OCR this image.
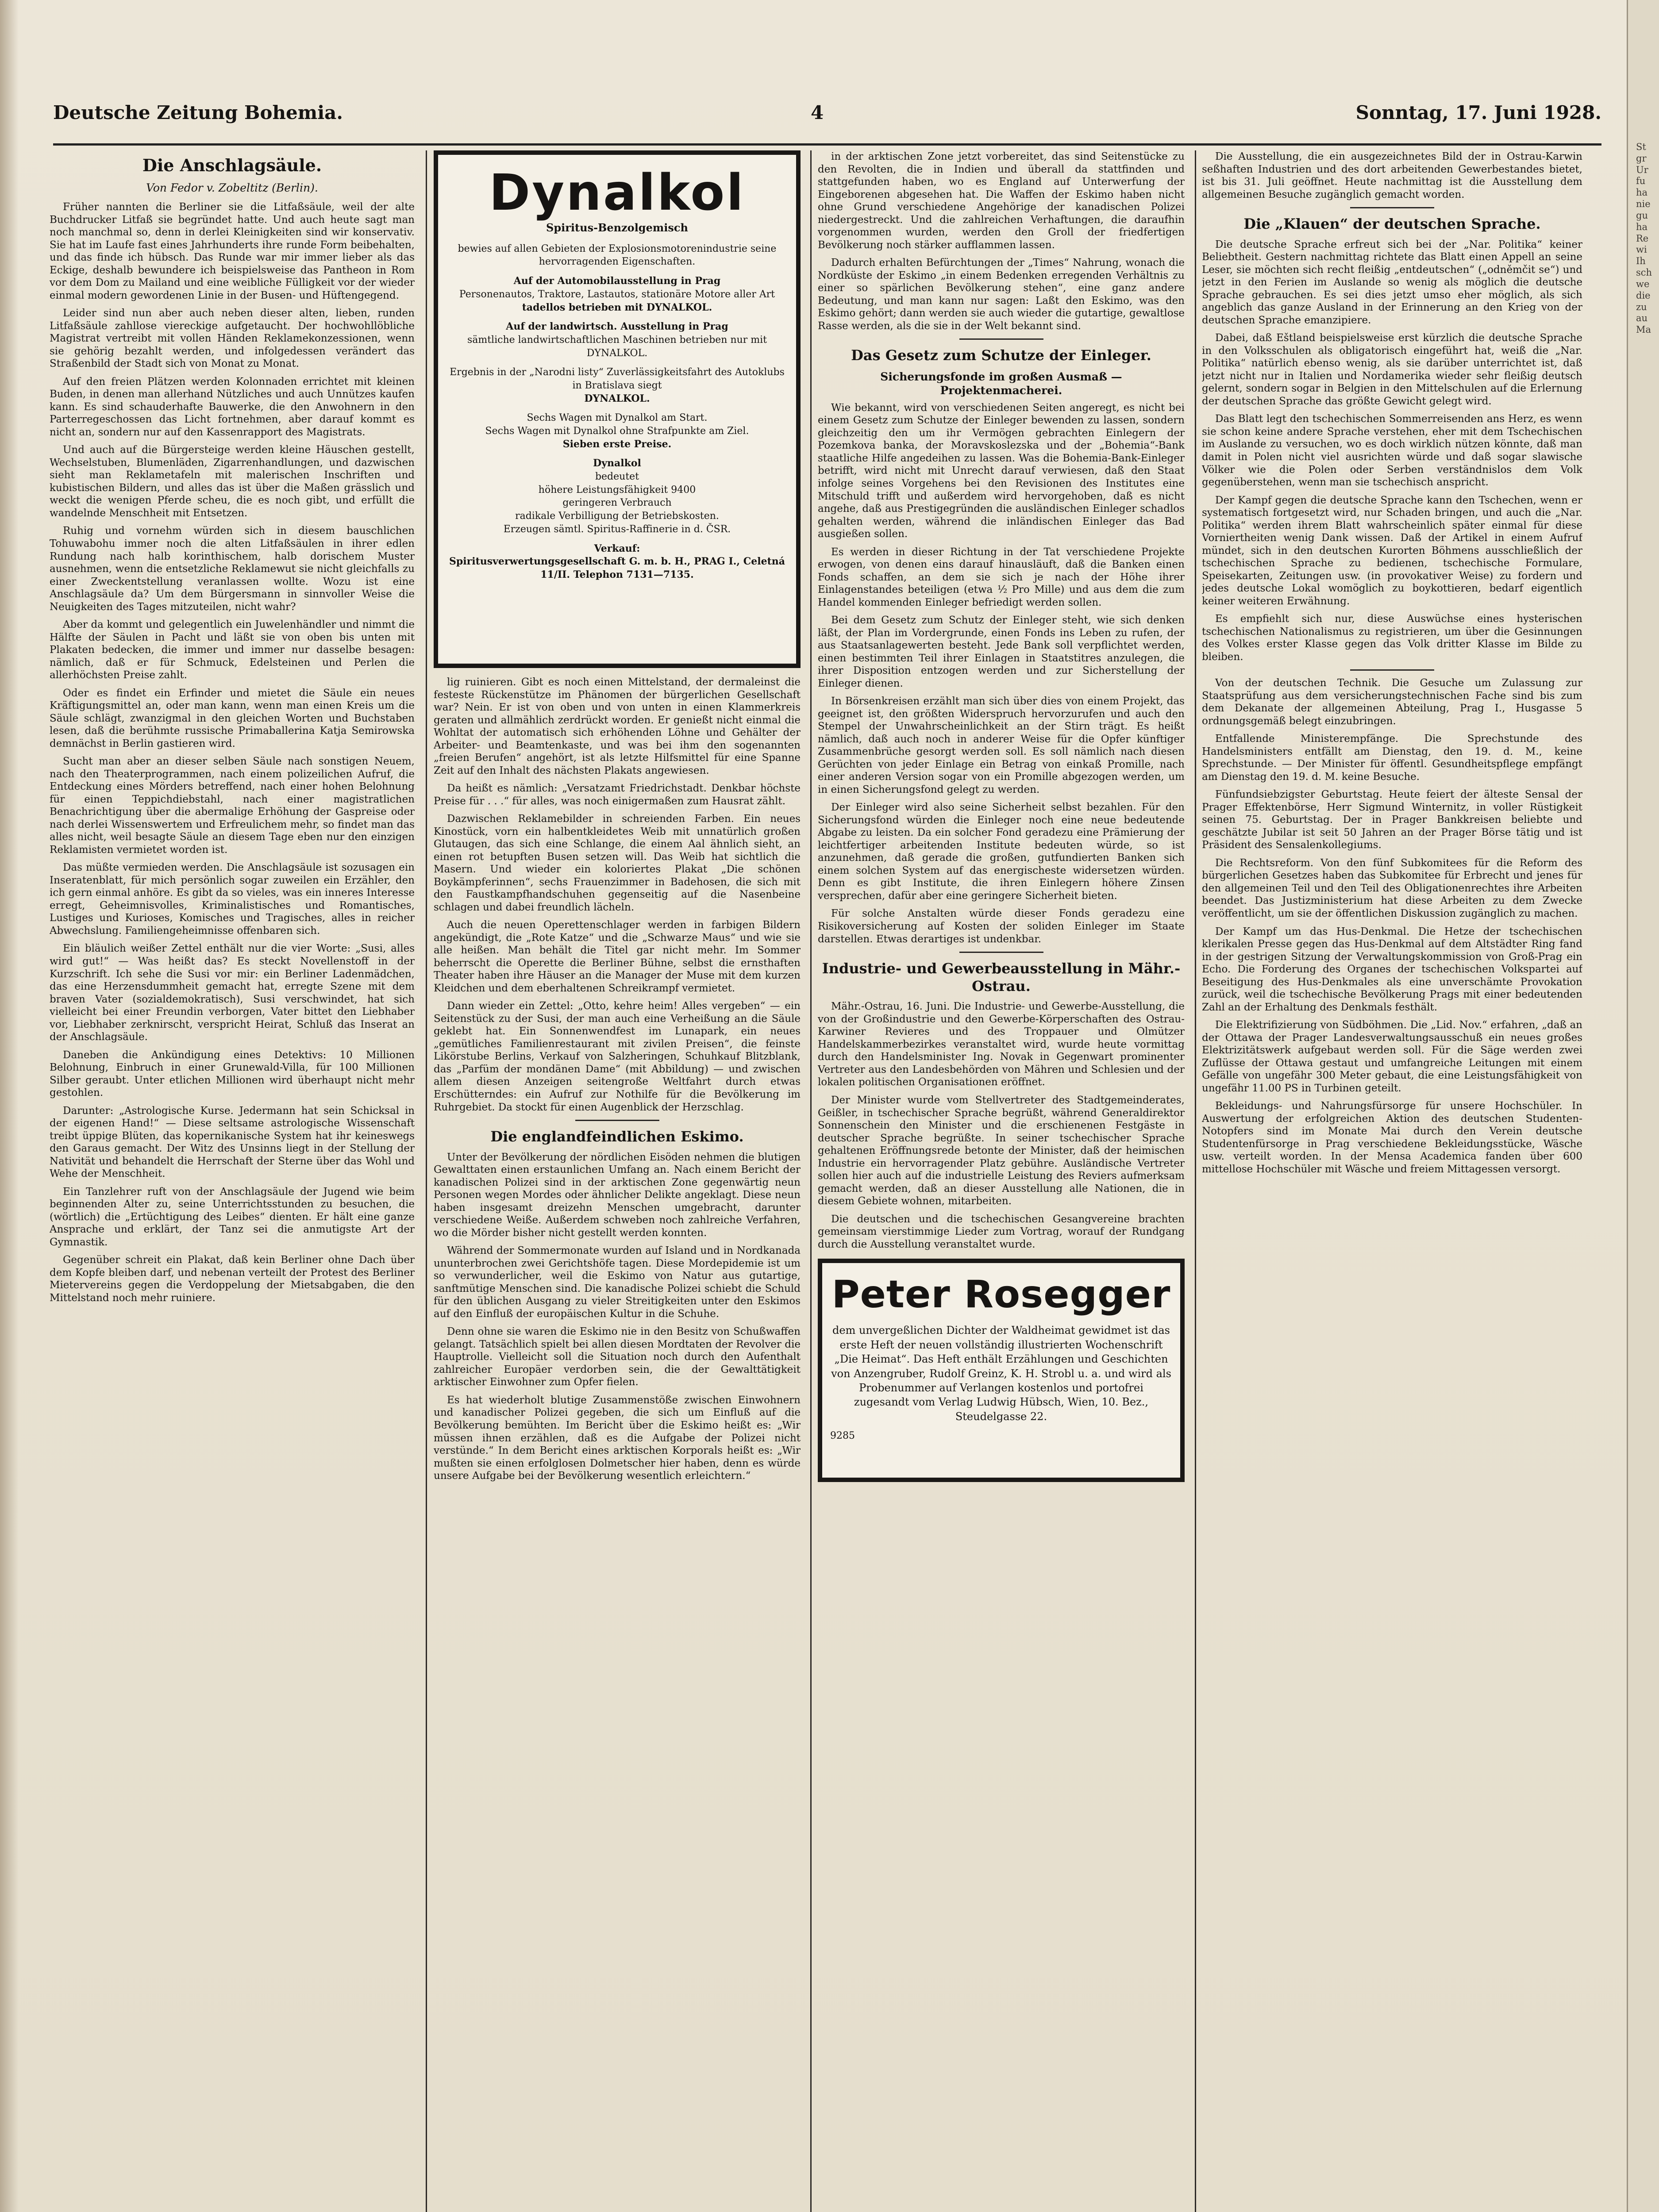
St
gr
Ur
fu
ha
nie
gu
ha
Re
wi
Ih
sch
we
die
zu
au
Ma
Deutsche Zeitung Bohemia.	4	Sonntag, 17. Juni 1928.
Die Anschlagsäule.
Von Fedor v. Zobeltitz (Berlin).

Früher nannten die Berliner sie die Litfaßsäule, weil der alte Buchdrucker Litfaß sie begründet hatte. Und auch heute sagt man noch manchmal so, denn in derlei Kleinigkeiten sind wir konservativ. Sie hat im Laufe fast eines Jahrhunderts ihre runde Form beibehalten, und das finde ich hübsch. Das Runde war mir immer lieber als das Eckige, deshalb bewundere ich beispielsweise das Pantheon in Rom vor dem Dom zu Mailand und eine weibliche Fülligkeit vor der wieder einmal modern gewordenen Linie in der Busen- und Hüftengegend.

Leider sind nun aber auch neben dieser alten, lieben, runden Litfaßsäule zahllose viereckige aufgetaucht. Der hochwohllöbliche Magistrat vertreibt mit vollen Händen Reklamekonzessionen, wenn sie gehörig bezahlt werden, und infolgedessen verändert das Straßenbild der Stadt sich von Monat zu Monat.

Auf den freien Plätzen werden Kolonnaden errichtet mit kleinen Buden, in denen man allerhand Nützliches und auch Unnützes kaufen kann. Es sind schauderhafte Bauwerke, die den Anwohnern in den Parterregeschossen das Licht fortnehmen, aber darauf kommt es nicht an, sondern nur auf den Kassenrapport des Magistrats.

Und auch auf die Bürgersteige werden kleine Häuschen gestellt, Wechselstuben, Blumenläden, Zigarrenhandlungen, und dazwischen sieht man Reklametafeln mit malerischen Inschriften und kubistischen Bildern, und alles das ist über die Maßen grässlich und weckt die wenigen Pferde scheu, die es noch gibt, und erfüllt die wandelnde Menschheit mit Entsetzen.

Ruhig und vornehm würden sich in diesem bauschlichen Tohuwabohu immer noch die alten Litfaßsäulen in ihrer edlen Rundung nach halb korinthischem, halb dorischem Muster ausnehmen, wenn die entsetzliche Reklamewut sie nicht gleichfalls zu einer Zweckentstellung veranlassen wollte. Wozu ist eine Anschlagsäule da? Um dem Bürgersmann in sinnvoller Weise die Neuigkeiten des Tages mitzuteilen, nicht wahr?

Aber da kommt und gelegentlich ein Juwelenhändler und nimmt die Hälfte der Säulen in Pacht und läßt sie von oben bis unten mit Plakaten bedecken, die immer und immer nur dasselbe besagen: nämlich, daß er für Schmuck, Edelsteinen und Perlen die allerhöchsten Preise zahlt.

Oder es findet ein Erfinder und mietet die Säule ein neues Kräftigungsmittel an, oder man kann, wenn man einen Kreis um die Säule schlägt, zwanzigmal in den gleichen Worten und Buchstaben lesen, daß die berühmte russische Primaballerina Katja Semirowska demnächst in Berlin gastieren wird.

Sucht man aber an dieser selben Säule nach sonstigen Neuem, nach den Theaterprogrammen, nach einem polizeilichen Aufruf, die Entdeckung eines Mörders betreffend, nach einer hohen Belohnung für einen Teppichdiebstahl, nach einer magistratlichen Benachrichtigung über die abermalige Erhöhung der Gaspreise oder nach derlei Wissenswertem und Erfreulichem mehr, so findet man das alles nicht, weil besagte Säule an diesem Tage eben nur den einzigen Reklamisten vermietet worden ist.

Das müßte vermieden werden. Die Anschlagsäule ist sozusagen ein Inseratenblatt, für mich persönlich sogar zuweilen ein Erzähler, den ich gern einmal anhöre. Es gibt da so vieles, was ein inneres Interesse erregt, Geheimnisvolles, Kriminalistisches und Romantisches, Lustiges und Kurioses, Komisches und Tragisches, alles in reicher Abwechslung. Familiengeheimnisse offenbaren sich.

Ein bläulich weißer Zettel enthält nur die vier Worte: „Susi, alles wird gut!“ — Was heißt das? Es steckt Novellenstoff in der Kurzschrift. Ich sehe die Susi vor mir: ein Berliner Ladenmädchen, das eine Herzensdummheit gemacht hat, erregte Szene mit dem braven Vater (sozialdemokratisch), Susi verschwindet, hat sich vielleicht bei einer Freundin verborgen, Vater bittet den Liebhaber vor, Liebhaber zerknirscht, verspricht Heirat, Schluß das Inserat an der Anschlagsäule.

Daneben die Ankündigung eines Detektivs: 10 Millionen Belohnung, Einbruch in einer Grunewald-Villa, für 100 Millionen Silber geraubt. Unter etlichen Millionen wird überhaupt nicht mehr gestohlen.

Darunter: „Astrologische Kurse. Jedermann hat sein Schicksal in der eigenen Hand!“ — Diese seltsame astrologische Wissenschaft treibt üppige Blüten, das kopernikanische System hat ihr keineswegs den Garaus gemacht. Der Witz des Unsinns liegt in der Stellung der Nativität und behandelt die Herrschaft der Sterne über das Wohl und Wehe der Menschheit.

Ein Tanzlehrer ruft von der Anschlagsäule der Jugend wie beim beginnenden Alter zu, seine Unterrichtsstunden zu besuchen, die (wörtlich) die „Ertüchtigung des Leibes“ dienten. Er hält eine ganze Ansprache und erklärt, der Tanz sei die anmutigste Art der Gymnastik.

Gegenüber schreit ein Plakat, daß kein Berliner ohne Dach über dem Kopfe bleiben darf, und nebenan verteilt der Protest des Berliner Mietervereins gegen die Verdoppelung der Mietsabgaben, die den Mittelstand noch mehr ruiniere.

Dynalkol
Spiritus-Benzolgemisch

bewies auf allen Gebieten der Explosionsmotorenindustrie seine hervorragenden Eigenschaften.

Auf der Automobilausstellung in Prag

Personenautos, Traktore, Lastautos, stationäre Motore aller Art

tadellos betrieben mit DYNALKOL.

Auf der landwirtsch. Ausstellung in Prag

sämtliche landwirtschaftlichen Maschinen betrieben nur mit DYNALKOL.

Ergebnis in der „Narodni listy“ Zuverlässigkeitsfahrt des Autoklubs in Bratislava siegt

DYNALKOL.

Sechs Wagen mit Dynalkol am Start.

Sechs Wagen mit Dynalkol ohne Strafpunkte am Ziel.

Sieben erste Preise.

Dynalkol

bedeutet

höhere Leistungsfähigkeit 9400

geringeren Verbrauch

radikale Verbilligung der Betriebskosten.

Erzeugen sämtl. Spiritus-Raffinerie in d. ČSR.

Verkauf:

Spiritusverwertungsgesellschaft G. m. b. H., PRAG I., Celetná 11/II. Telephon 7131—7135.

lig ruinieren. Gibt es noch einen Mittelstand, der dermaleinst die festeste Rückenstütze im Phänomen der bürgerlichen Gesellschaft war? Nein. Er ist von oben und von unten in einen Klammerkreis geraten und allmählich zerdrückt worden. Er genießt nicht einmal die Wohltat der automatisch sich erhöhenden Löhne und Gehälter der Arbeiter- und Beamtenkaste, und was bei ihm den sogenannten „freien Berufen“ angehört, ist als letzte Hilfsmittel für eine Spanne Zeit auf den Inhalt des nächsten Plakats angewiesen.

Da heißt es nämlich: „Versatzamt Friedrichstadt. Denkbar höchste Preise für . . .“ für alles, was noch einigermaßen zum Hausrat zählt.

Dazwischen Reklamebilder in schreienden Farben. Ein neues Kinostück, vorn ein halbentkleidetes Weib mit unnatürlich großen Glutaugen, das sich eine Schlange, die einem Aal ähnlich sieht, an einen rot betupften Busen setzen will. Das Weib hat sichtlich die Masern. Und wieder ein koloriertes Plakat „Die schönen Boykämpferinnen“, sechs Frauenzimmer in Badehosen, die sich mit den Faustkampfhandschuhen gegenseitig auf die Nasenbeine schlagen und dabei freundlich lächeln.

Auch die neuen Operettenschlager werden in farbigen Bildern angekündigt, die „Rote Katze“ und die „Schwarze Maus“ und wie sie alle heißen. Man behält die Titel gar nicht mehr. Im Sommer beherrscht die Operette die Berliner Bühne, selbst die ernsthaften Theater haben ihre Häuser an die Manager der Muse mit dem kurzen Kleidchen und dem eberhaltenen Schreikrampf vermietet.

Dann wieder ein Zettel: „Otto, kehre heim! Alles vergeben“ — ein Seitenstück zu der Susi, der man auch eine Verheißung an die Säule geklebt hat. Ein Sonnenwendfest im Lunapark, ein neues „gemütliches Familienrestaurant mit zivilen Preisen“, die feinste Likörstube Berlins, Verkauf von Salzheringen, Schuhkauf Blitzblank, das „Parfüm der mondänen Dame“ (mit Abbildung) — und zwischen allem diesen Anzeigen seitengroße Weltfahrt durch etwas Erschütterndes: ein Aufruf zur Nothilfe für die Bevölkerung im Ruhrgebiet. Da stockt für einen Augenblick der Herzschlag.

Die englandfeindlichen Eskimo.

Unter der Bevölkerung der nördlichen Eisöden nehmen die blutigen Gewalttaten einen erstaunlichen Umfang an. Nach einem Bericht der kanadischen Polizei sind in der arktischen Zone gegenwärtig neun Personen wegen Mordes oder ähnlicher Delikte angeklagt. Diese neun haben insgesamt dreizehn Menschen umgebracht, darunter verschiedene Weiße. Außerdem schweben noch zahlreiche Verfahren, wo die Mörder bisher nicht gestellt werden konnten.

Während der Sommermonate wurden auf Island und in Nordkanada ununterbrochen zwei Gerichtshöfe tagen. Diese Mordepidemie ist um so verwunderlicher, weil die Eskimo von Natur aus gutartige, sanftmütige Menschen sind. Die kanadische Polizei schiebt die Schuld für den üblichen Ausgang zu vieler Streitigkeiten unter den Eskimos auf den Einfluß der europäischen Kultur in die Schuhe.

Denn ohne sie waren die Eskimo nie in den Besitz von Schußwaffen gelangt. Tatsächlich spielt bei allen diesen Mordtaten der Revolver die Hauptrolle. Vielleicht soll die Situation noch durch den Aufenthalt zahlreicher Europäer verdorben sein, die der Gewalttätigkeit arktischer Einwohner zum Opfer fielen.

Es hat wiederholt blutige Zusammenstöße zwischen Einwohnern und kanadischer Polizei gegeben, die sich um Einfluß auf die Bevölkerung bemühten. Im Bericht über die Eskimo heißt es: „Wir müssen ihnen erzählen, daß es die Aufgabe der Polizei nicht verstünde.“ In dem Bericht eines arktischen Korporals heißt es: „Wir mußten sie einen erfolglosen Dolmetscher hier haben, denn es würde unsere Aufgabe bei der Bevölkerung wesentlich erleichtern.“

in der arktischen Zone jetzt vorbereitet, das sind Seitenstücke zu den Revolten, die in Indien und überall da stattfinden und stattgefunden haben, wo es England auf Unterwerfung der Eingeborenen abgesehen hat. Die Waffen der Eskimo haben nicht ohne Grund verschiedene Angehörige der kanadischen Polizei niedergestreckt. Und die zahlreichen Verhaftungen, die daraufhin vorgenommen wurden, werden den Groll der friedfertigen Bevölkerung noch stärker aufflammen lassen.

Dadurch erhalten Befürchtungen der „Times“ Nahrung, wonach die Nordküste der Eskimo „in einem Bedenken erregenden Verhältnis zu einer so spärlichen Bevölkerung stehen“, eine ganz andere Bedeutung, und man kann nur sagen: Laßt den Eskimo, was den Eskimo gehört; dann werden sie auch wieder die gutartige, gewaltlose Rasse werden, als die sie in der Welt bekannt sind.

Das Gesetz zum Schutze der Einleger.
Sicherungsfonde im großen Ausmaß — Projektenmacherei.

Wie bekannt, wird von verschiedenen Seiten angeregt, es nicht bei einem Gesetz zum Schutze der Einleger bewenden zu lassen, sondern gleichzeitig den um ihr Vermögen gebrachten Einlegern der Pozemkova banka, der Moravskoslezska und der „Bohemia“-Bank staatliche Hilfe angedeihen zu lassen. Was die Bohemia-Bank-Einleger betrifft, wird nicht mit Unrecht darauf verwiesen, daß den Staat infolge seines Vorgehens bei den Revisionen des Institutes eine Mitschuld trifft und außerdem wird hervorgehoben, daß es nicht angehe, daß aus Prestigegründen die ausländischen Einleger schadlos gehalten werden, während die inländischen Einleger das Bad ausgießen sollen.

Es werden in dieser Richtung in der Tat verschiedene Projekte erwogen, von denen eins darauf hinausläuft, daß die Banken einen Fonds schaffen, an dem sie sich je nach der Höhe ihrer Einlagenstandes beteiligen (etwa ½ Pro Mille) und aus dem die zum Handel kommenden Einleger befriedigt werden sollen.

Bei dem Gesetz zum Schutz der Einleger steht, wie sich denken läßt, der Plan im Vordergrunde, einen Fonds ins Leben zu rufen, der aus Staatsanlagewerten besteht. Jede Bank soll verpflichtet werden, einen bestimmten Teil ihrer Einlagen in Staatstitres anzulegen, die ihrer Disposition entzogen werden und zur Sicherstellung der Einleger dienen.

In Börsenkreisen erzählt man sich über dies von einem Projekt, das geeignet ist, den größten Widerspruch hervorzurufen und auch den Stempel der Unwahrscheinlichkeit an der Stirn trägt. Es heißt nämlich, daß auch noch in anderer Weise für die Opfer künftiger Zusammenbrüche gesorgt werden soll. Es soll nämlich nach diesen Gerüchten von jeder Einlage ein Betrag von einkaß Promille, nach einer anderen Version sogar von ein Promille abgezogen werden, um in einen Sicherungsfond gelegt zu werden.

Der Einleger wird also seine Sicherheit selbst bezahlen. Für den Sicherungsfond würden die Einleger noch eine neue bedeutende Abgabe zu leisten. Da ein solcher Fond geradezu eine Prämierung der leichtfertiger arbeitenden Institute bedeuten würde, so ist anzunehmen, daß gerade die großen, gutfundierten Banken sich einem solchen System auf das energischeste widersetzen würden. Denn es gibt Institute, die ihren Einlegern höhere Zinsen versprechen, dafür aber eine geringere Sicherheit bieten.

Für solche Anstalten würde dieser Fonds geradezu eine Risikoversicherung auf Kosten der soliden Einleger im Staate darstellen. Etwas derartiges ist undenkbar.

Industrie- und Gewerbeausstellung in Mähr.-Ostrau.

Mähr.-Ostrau, 16. Juni. Die Industrie- und Gewerbe-Ausstellung, die von der Großindustrie und den Gewerbe-Körperschaften des Ostrau-Karwiner Revieres und des Troppauer und Olmützer Handelskammerbezirkes veranstaltet wird, wurde heute vormittag durch den Handelsminister Ing. Novak in Gegenwart prominenter Vertreter aus den Landesbehörden von Mähren und Schlesien und der lokalen politischen Organisationen eröffnet.

Der Minister wurde vom Stellvertreter des Stadtgemeinderates, Geißler, in tschechischer Sprache begrüßt, während Generaldirektor Sonnenschein den Minister und die erschienenen Festgäste in deutscher Sprache begrüßte. In seiner tschechischer Sprache gehaltenen Eröffnungsrede betonte der Minister, daß der heimischen Industrie ein hervorragender Platz gebühre. Ausländische Vertreter sollen hier auch auf die industrielle Leistung des Reviers aufmerksam gemacht werden, daß an dieser Ausstellung alle Nationen, die in diesem Gebiete wohnen, mitarbeiten.

Die deutschen und die tschechischen Gesangvereine brachten gemeinsam vierstimmige Lieder zum Vortrag, worauf der Rundgang durch die Ausstellung veranstaltet wurde.

Peter Rosegger

dem unvergeßlichen Dichter der Waldheimat gewidmet ist das erste Heft der neuen vollständig illustrierten Wochenschrift „Die Heimat“. Das Heft enthält Erzählungen und Geschichten von Anzengruber, Rudolf Greinz, K. H. Strobl u. a. und wird als Probenummer auf Verlangen kostenlos und portofrei zugesandt vom Verlag Ludwig Hübsch, Wien, 10. Bez., Steudelgasse 22.

9285

Die Ausstellung, die ein ausgezeichnetes Bild der in Ostrau-Karwin seßhaften Industrien und des dort arbeitenden Gewerbestandes bietet, ist bis 31. Juli geöffnet. Heute nachmittag ist die Ausstellung dem allgemeinen Besuche zugänglich gemacht worden.

Die „Klauen“ der deutschen Sprache.

Die deutsche Sprache erfreut sich bei der „Nar. Politika“ keiner Beliebtheit. Gestern nachmittag richtete das Blatt einen Appell an seine Leser, sie möchten sich recht fleißig „entdeutschen“ („odněmčit se“) und jetzt in den Ferien im Auslande so wenig als möglich die deutsche Sprache gebrauchen. Es sei dies jetzt umso eher möglich, als sich angeblich das ganze Ausland in der Erinnerung an den Krieg von der deutschen Sprache emanzipiere.

Dabei, daß Eštland beispielsweise erst kürzlich die deutsche Sprache in den Volksschulen als obligatorisch eingeführt hat, weiß die „Nar. Politika“ natürlich ebenso wenig, als sie darüber unterrichtet ist, daß jetzt nicht nur in Italien und Nordamerika wieder sehr fleißig deutsch gelernt, sondern sogar in Belgien in den Mittelschulen auf die Erlernung der deutschen Sprache das größte Gewicht gelegt wird.

Das Blatt legt den tschechischen Sommerreisenden ans Herz, es wenn sie schon keine andere Sprache verstehen, eher mit dem Tschechischen im Auslande zu versuchen, wo es doch wirklich nützen könnte, daß man damit in Polen nicht viel ausrichten würde und daß sogar slawische Völker wie die Polen oder Serben verständnislos dem Volk gegenüberstehen, wenn man sie tschechisch anspricht.

Der Kampf gegen die deutsche Sprache kann den Tschechen, wenn er systematisch fortgesetzt wird, nur Schaden bringen, und auch die „Nar. Politika“ werden ihrem Blatt wahrscheinlich später einmal für diese Vorniertheiten wenig Dank wissen. Daß der Artikel in einem Aufruf mündet, sich in den deutschen Kurorten Böhmens ausschließlich der tschechischen Sprache zu bedienen, tschechische Formulare, Speisekarten, Zeitungen usw. (in provokativer Weise) zu fordern und jedes deutsche Lokal womöglich zu boykottieren, bedarf eigentlich keiner weiteren Erwähnung.

Es empfiehlt sich nur, diese Auswüchse eines hysterischen tschechischen Nationalismus zu registrieren, um über die Gesinnungen des Volkes erster Klasse gegen das Volk dritter Klasse im Bilde zu bleiben.

Von der deutschen Technik. Die Gesuche um Zulassung zur Staatsprüfung aus dem versicherungstechnischen Fache sind bis zum dem Dekanate der allgemeinen Abteilung, Prag I., Husgasse 5 ordnungsgemäß belegt einzubringen.

Entfallende Ministerempfänge. Die Sprechstunde des Handelsministers entfällt am Dienstag, den 19. d. M., keine Sprechstunde. — Der Minister für öffentl. Gesundheitspflege empfängt am Dienstag den 19. d. M. keine Besuche.

Fünfundsiebzigster Geburtstag. Heute feiert der älteste Sensal der Prager Effektenbörse, Herr Sigmund Winternitz, in voller Rüstigkeit seinen 75. Geburtstag. Der in Prager Bankkreisen beliebte und geschätzte Jubilar ist seit 50 Jahren an der Prager Börse tätig und ist Präsident des Sensalenkollegiums.

Die Rechtsreform. Von den fünf Subkomitees für die Reform des bürgerlichen Gesetzes haben das Subkomitee für Erbrecht und jenes für den allgemeinen Teil und den Teil des Obligationenrechtes ihre Arbeiten beendet. Das Justizministerium hat diese Arbeiten zu dem Zwecke veröffentlicht, um sie der öffentlichen Diskussion zugänglich zu machen.

Der Kampf um das Hus-Denkmal. Die Hetze der tschechischen klerikalen Presse gegen das Hus-Denkmal auf dem Altstädter Ring fand in der gestrigen Sitzung der Verwaltungskommission von Groß-Prag ein Echo. Die Forderung des Organes der tschechischen Volkspartei auf Beseitigung des Hus-Denkmales als eine unverschämte Provokation zurück, weil die tschechische Bevölkerung Prags mit einer bedeutenden Zahl an der Erhaltung des Denkmals festhält.

Die Elektrifizierung von Südböhmen. Die „Lid. Nov.“ erfahren, „daß an der Ottawa der Prager Landesverwaltungsausschuß ein neues großes Elektrizitätswerk aufgebaut werden soll. Für die Säge werden zwei Zuflüsse der Ottawa gestaut und umfangreiche Leitungen mit einem Gefälle von ungefähr 300 Meter gebaut, die eine Leistungsfähigkeit von ungefähr 11.00 PS in Turbinen geteilt.

Bekleidungs- und Nahrungsfürsorge für unsere Hochschüler. In Auswertung der erfolgreichen Aktion des deutschen Studenten-Notopfers sind im Monate Mai durch den Verein deutsche Studentenfürsorge in Prag verschiedene Bekleidungsstücke, Wäsche usw. verteilt worden. In der Mensa Academica fanden über 600 mittellose Hochschüler mit Wäsche und freiem Mittagessen versorgt.
